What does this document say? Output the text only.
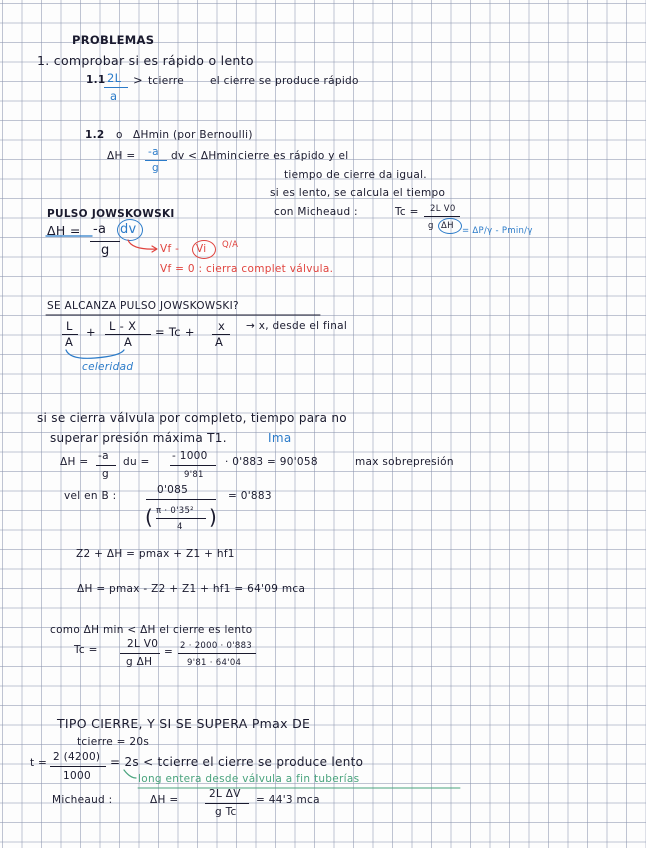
PROBLEMAS
1. comprobar si es rápido o lento
1.1 2L
a
> tcierre el cierre se produce rápido
1.2 o ΔHmin (por Bernoulli)
ΔH = -a
g
dv < ΔHmin cierre es rápido y el
tiempo de cierre da igual.
si es lento, se calcula el tiempo
con Micheaud :	Tc = 2L V0
g ΔH = ΔP/γ - Pmin/γ
PULSO JOWSKOWSKI
ΔH = -a dv
g	Vf - Vi Q/A
Vf = 0 : cierra complet válvula.
SE ALCANZA PULSO JOWSKOWSKI?
L
A
+ L - X
A
= Tc + x
A
→ x, desde el final
celeridad
si se cierra válvula por completo, tiempo para no
superar presión máxima T1.	Ima
ΔH = -a
g
du = - 1000
9'81
· 0'883 = 90'058	max sobrepresión
vel en B :	0'085
( π · 0'35²
4 )
= 0'883
Z2 + ΔH = pmax + Z1 + hf1
ΔH = pmax - Z2 + Z1 + hf1 = 64'09 mca
como ΔH min < ΔH el cierre es lento
Tc =	2L V0
g ΔH
= 2 · 2000 · 0'883
9'81 · 64'04
TIPO CIERRE, Y SI SE SUPERA Pmax DE
tcierre = 20s
t = 2 (4200)
1000
= 2s < tcierre el cierre se produce lento
long entera desde válvula a fin tuberías
Micheaud :	ΔH =	2L ΔV
g Tc
= 44'3 mca
